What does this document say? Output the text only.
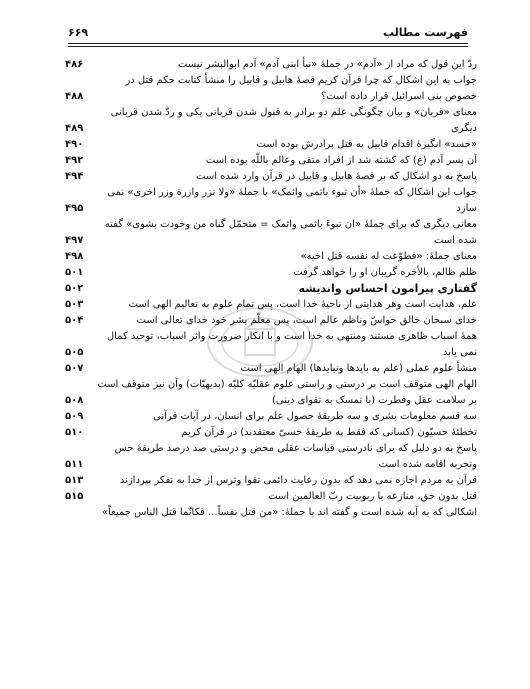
فهرست مطالب
۶۶۹
ردّ این قول که مراد از «آدم» در جملهٔ «نبأ ابنی آدم» آدم ابوالبشر نیست
۴۸۶
جواب به این اشکال که چرا قرآن کریم قصهٔ هابیل و قابیل را منشأ کتابت حکم قتل در خصوص بنی اسرائیل قرار داده است؟
۴۸۸
معنای «قربان» و بیان چگونگی علم دو برادر به قبول شدن قربانی یکی و ردّ شدن قربانی دیگری
۴۸۹
«حسد» انگیزهٔ اقدام قابیل به قتل برادرش بوده است
۴۹۰
آن پسر آدم (ع) که کشته شد از افراد متقی وعالم باللّه بوده است
۴۹۲
پاسخ به دو اشکال که بر قصهٔ هابیل و قابیل در قرآن وارد شده است
۴۹۴
جواب این اشکال که جملهٔ «أن تبوء باثمی واثمک» با جملهٔ «ولا تزر وازرة وزر اخری» نمی سازد
۴۹۵
معانی دیگری که برای جملهٔ «ان تبوءَ باثمی واثمک = متحمّل گناه من وخودت بشوی» گفته شده است
۴۹۷
معنای جملهٔ: «فطوّعت له نفسه قتل اخیه»
۴۹۸
ظلم ظالم، بالأخره گریبان او را خواهد گرفت
۵۰۱
گفتاری پیرامون احساس واندیشه
۵۰۲
علم، هدایت است وهر هدایتی از ناحیهٔ خدا است، پس تمام علوم به تعالیم الهی است
۵۰۳
خدای سبحان خالق حواسّ وناظم عالم است، پس معلّم بشر خود خدای تعالی است
۵۰۴
همهٔ اسباب ظاهری مستند ومنتهی به خدا است و با انکار ضرورت واثر اسباب، توحید کمال نمی یابد
۵۰۵
منشأ علوم عملی (علم به بایدها ونبایدها) الهام الهی است
۵۰۷
الهام الهی متوقف است بر درستی و راستی علوم عقلیّه کلیّه (بدیهیّات) وآن نیز متوقف است بر سلامت عقل وفطرت (با تمسک به تقوای دینی)
۵۰۸
سه قسم معلومات بشری و سه طریقهٔ حصول علم برای انسان، در آیات قرآنی
۵۰۹
تخطئهٔ حسیّون (کسانی که فقط به طریقهٔ حسیّ معتقدند) در قرآن کریم
۵۱۰
پاسخ به دو دلیل که برای نادرستی قیاسات عقلی محض و درستی صد درصد طریقهٔ حس وتجربه اقامه شده است
۵۱۱
قرآن به مردم اجازه نمی دهد که بدون رعایت دائمی تقوا وترس از خدا به تفکر بپردازند
۵۱۳
قتل بدون حق، منازعه با ربوبیت ربّ العالمین است
۵۱۵
اشکالی که به آیه شده است و گفته اند با جملهٔ: «من قتل نفساً... فکانّما قتل الناس جمیعاً»
